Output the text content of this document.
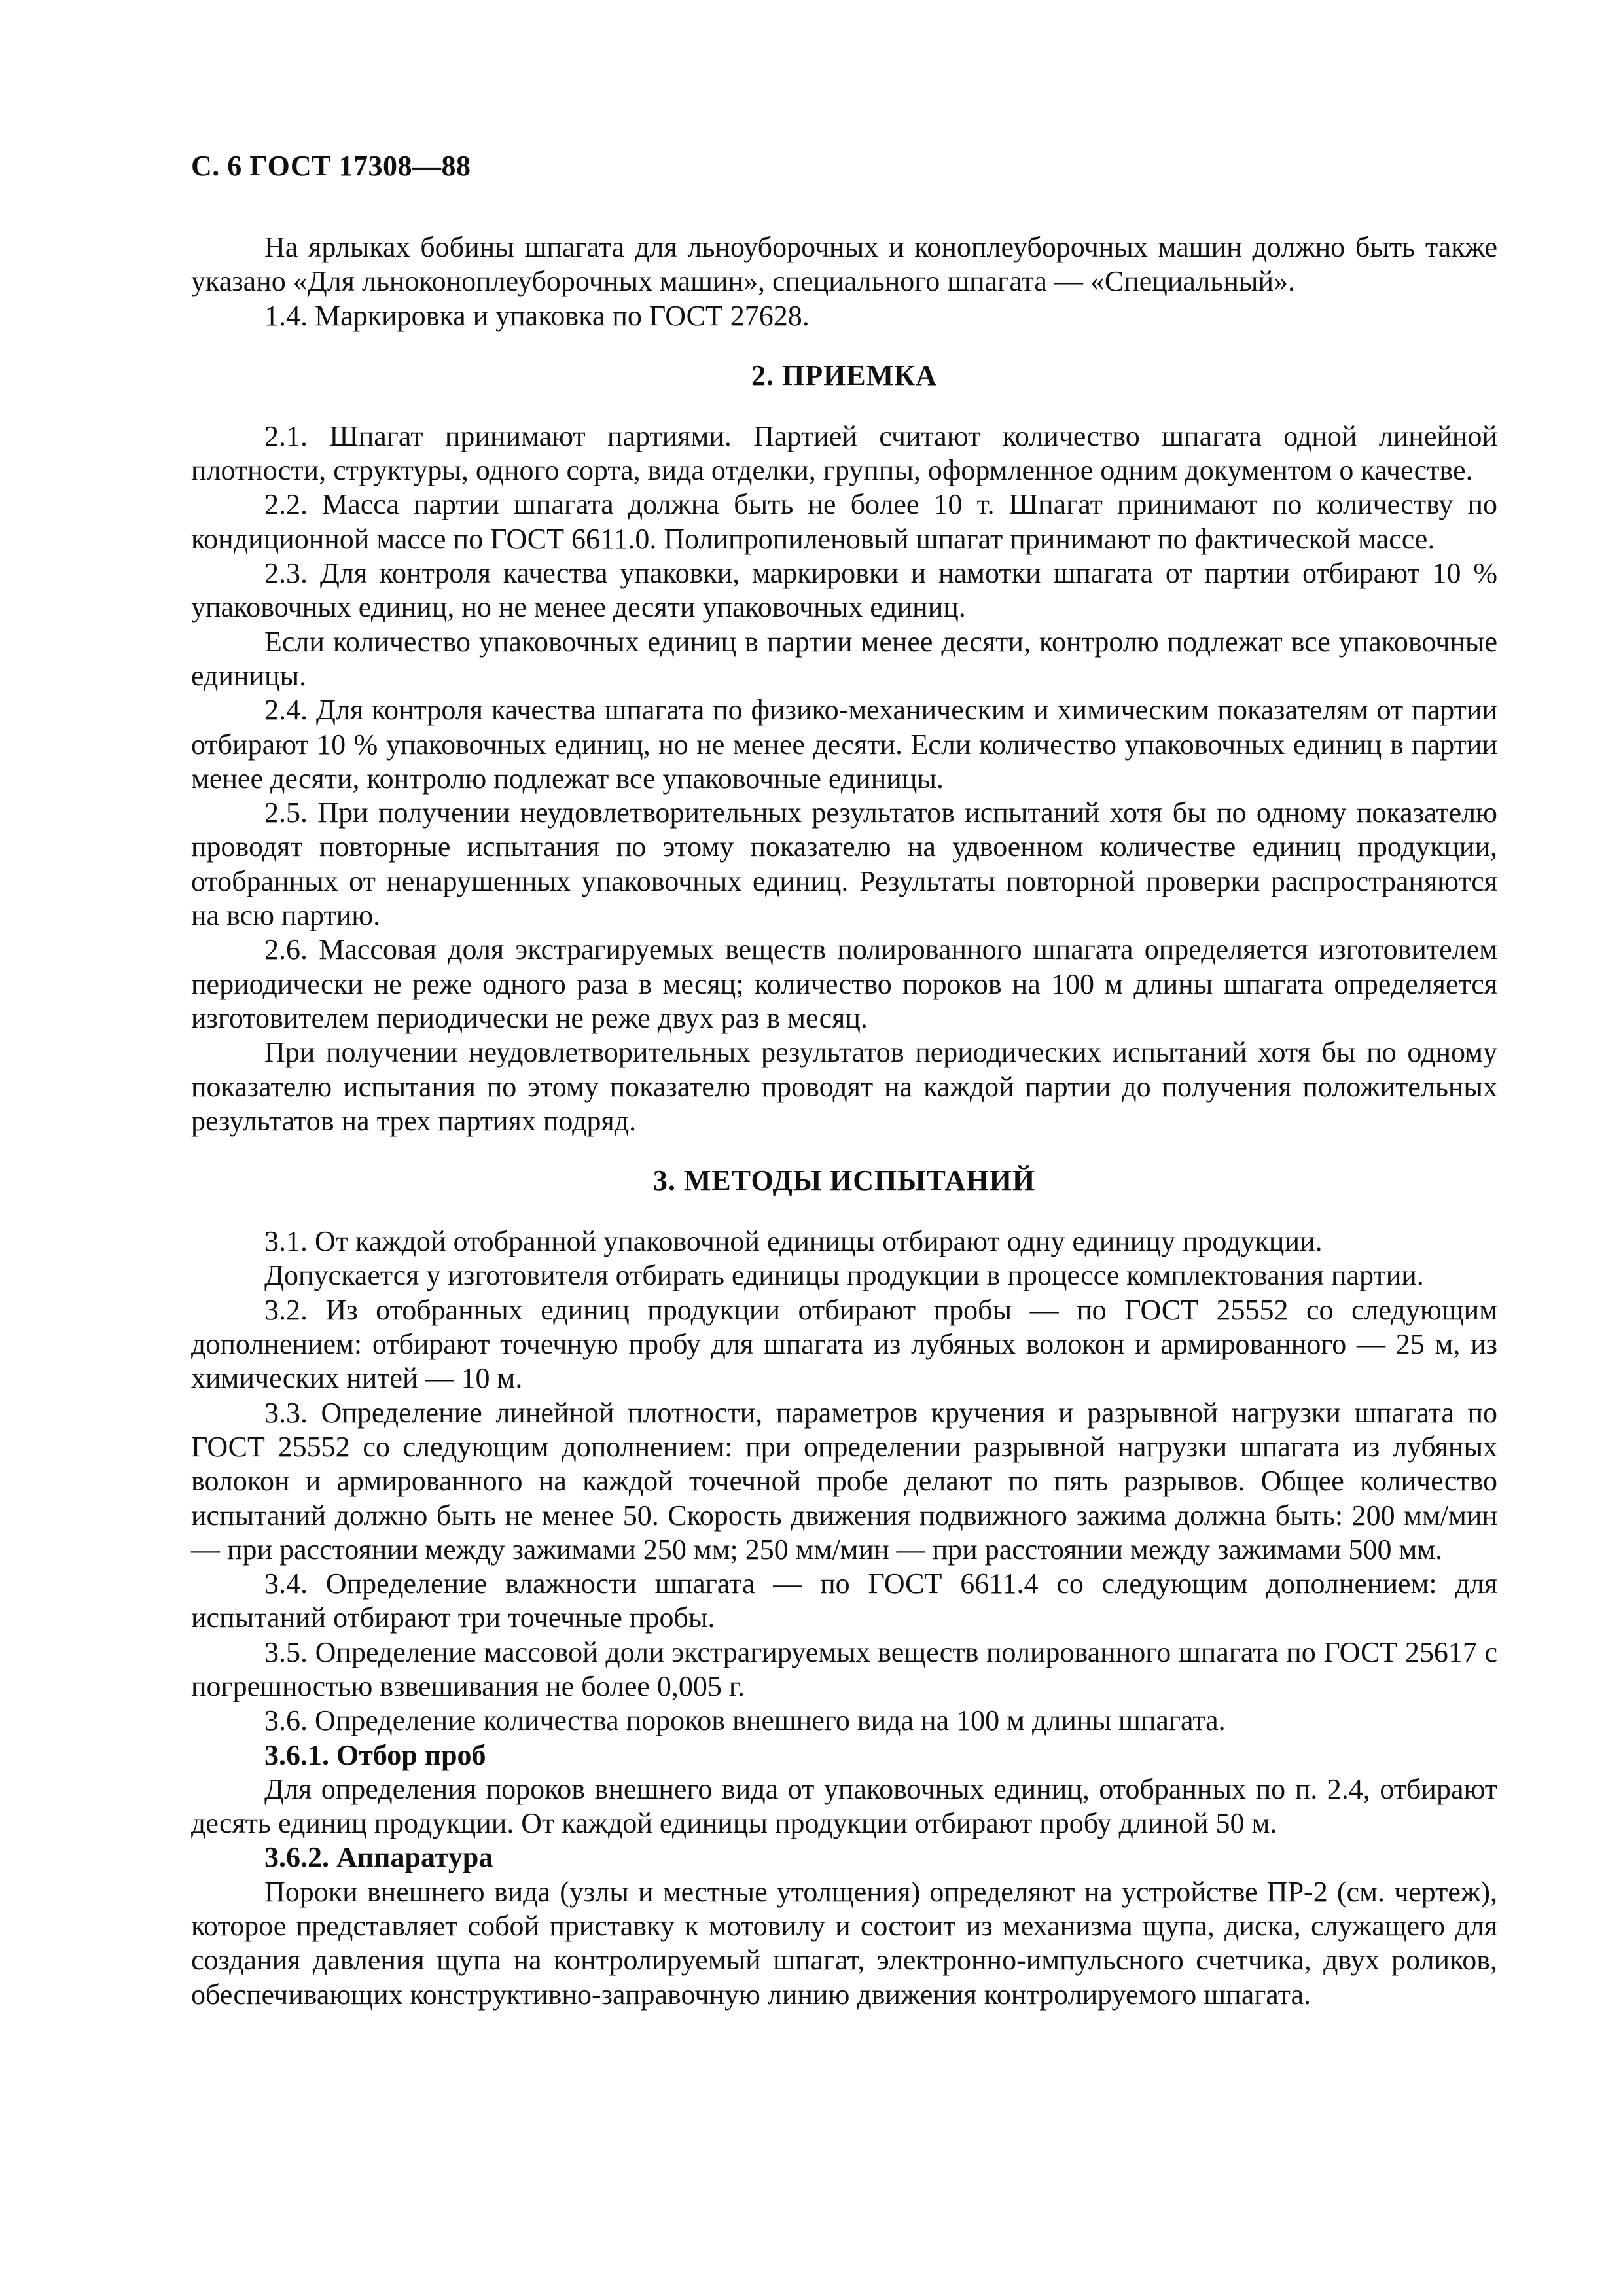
С. 6 ГОСТ 17308—88

На ярлыках бобины шпагата для льноуборочных и коноплеуборочных машин должно быть также указано «Для льноконоплеуборочных машин», специального шпагата — «Специальный».

1.4. Маркировка и упаковка по ГОСТ 27628.

2. ПРИЕМКА

2.1. Шпагат принимают партиями. Партией считают количество шпагата одной линейной плотности, структуры, одного сорта, вида отделки, группы, оформленное одним документом о качестве.

2.2. Масса партии шпагата должна быть не более 10 т. Шпагат принимают по количеству по кондиционной массе по ГОСТ 6611.0. Полипропиленовый шпагат принимают по фактической массе.

2.3. Для контроля качества упаковки, маркировки и намотки шпагата от партии отбирают 10 % упаковочных единиц, но не менее десяти упаковочных единиц.

Если количество упаковочных единиц в партии менее десяти, контролю подлежат все упаковочные единицы.

2.4. Для контроля качества шпагата по физико-механическим и химическим показателям от партии отбирают 10 % упаковочных единиц, но не менее десяти. Если количество упаковочных единиц в партии менее десяти, контролю подлежат все упаковочные единицы.

2.5. При получении неудовлетворительных результатов испытаний хотя бы по одному показателю проводят повторные испытания по этому показателю на удвоенном количестве единиц продукции, отобранных от ненарушенных упаковочных единиц. Результаты повторной проверки распространяются на всю партию.

2.6. Массовая доля экстрагируемых веществ полированного шпагата определяется изготовителем периодически не реже одного раза в месяц; количество пороков на 100 м длины шпагата определяется изготовителем периодически не реже двух раз в месяц.

При получении неудовлетворительных результатов периодических испытаний хотя бы по одному показателю испытания по этому показателю проводят на каждой партии до получения положительных результатов на трех партиях подряд.

3. МЕТОДЫ ИСПЫТАНИЙ

3.1. От каждой отобранной упаковочной единицы отбирают одну единицу продукции.

Допускается у изготовителя отбирать единицы продукции в процессе комплектования партии.

3.2. Из отобранных единиц продукции отбирают пробы — по ГОСТ 25552 со следующим дополнением: отбирают точечную пробу для шпагата из лубяных волокон и армированного — 25 м, из химических нитей — 10 м.

3.3. Определение линейной плотности, параметров кручения и разрывной нагрузки шпагата по ГОСТ 25552 со следующим дополнением: при определении разрывной нагрузки шпагата из лубяных волокон и армированного на каждой точечной пробе делают по пять разрывов. Общее количество испытаний должно быть не менее 50. Скорость движения подвижного зажима должна быть: 200 мм/мин — при расстоянии между зажимами 250 мм; 250 мм/мин — при расстоянии между зажимами 500 мм.

3.4. Определение влажности шпагата — по ГОСТ 6611.4 со следующим дополнением: для испытаний отбирают три точечные пробы.

3.5. Определение массовой доли экстрагируемых веществ полированного шпагата по ГОСТ 25617 с погрешностью взвешивания не более 0,005 г.

3.6. Определение количества пороков внешнего вида на 100 м длины шпагата.

3.6.1. Отбор проб

Для определения пороков внешнего вида от упаковочных единиц, отобранных по п. 2.4, отбирают десять единиц продукции. От каждой единицы продукции отбирают пробу длиной 50 м.

3.6.2. Аппаратура

Пороки внешнего вида (узлы и местные утолщения) определяют на устройстве ПР-2 (см. чертеж), которое представляет собой приставку к мотовилу и состоит из механизма щупа, диска, служащего для создания давления щупа на контролируемый шпагат, электронно-импульсного счетчика, двух роликов, обеспечивающих конструктивно-заправочную линию движения контролируемого шпагата.
